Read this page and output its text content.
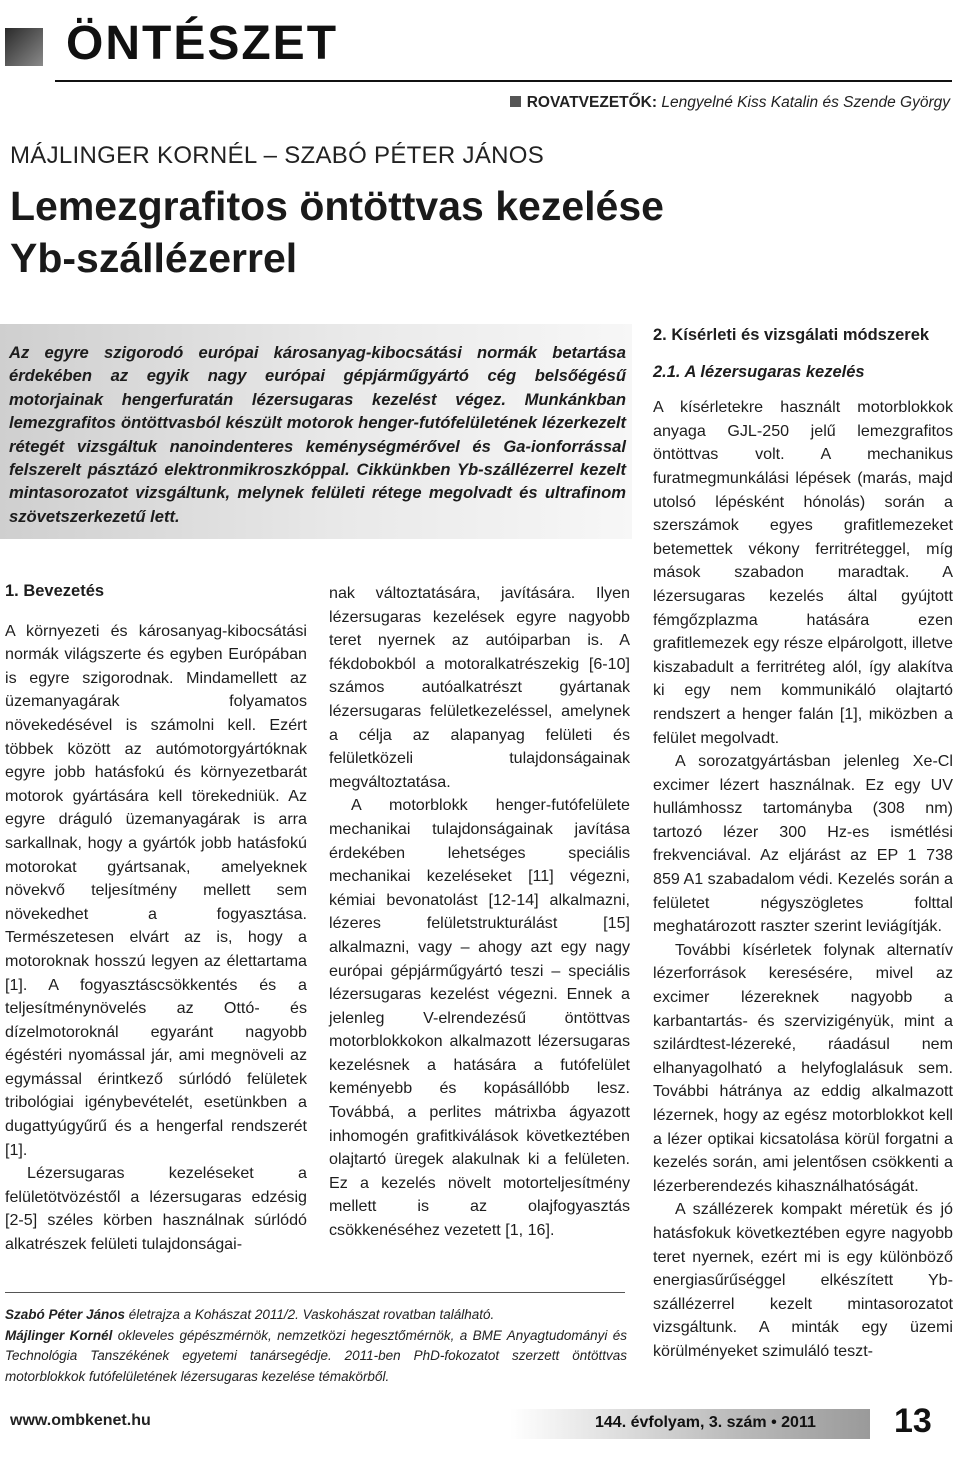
ÖNTÉSZET
ROVATVEZETŐK: Lengyelné Kiss Katalin és Szende György
MÁJLINGER KORNÉL – SZABÓ PÉTER JÁNOS
Lemezgrafitos öntöttvas kezelése
Yb-szállézerrel
Az egyre szigorodó európai károsanyag-kibocsátási normák betartása érdekében az egyik nagy európai gépjárműgyártó cég belsőégésű motorjainak hengerfuratán lézersugaras kezelést végez. Munkánkban lemezgrafitos öntöttvasból készült motorok henger-futófelületének lézerkezelt rétegét vizsgáltuk nanoindenteres keménységmérővel és Ga-ionforrással felszerelt pásztázó elektronmikroszkóppal. Cikkünkben Yb-szállézerrel kezelt mintasorozatot vizsgáltunk, melynek felületi rétege megolvadt és ultrafinom szövetszerkezetű lett.
1. Bevezetés

A környezeti és károsanyag-kibocsátási normák világszerte és egyben Európában is egyre szigorodnak. Mindamellett az üzemanyagárak folyamatos növekedésével is számolni kell. Ezért többek között az autómotorgyártóknak egyre jobb hatásfokú és környezetbarát motorok gyártására kell törekedniük. Az egyre dráguló üzemanyagárak is arra sarkallnak, hogy a gyártók jobb hatásfokú motorokat gyártsanak, amelyeknek növekvő teljesítmény mellett sem növekedhet a fogyasztása. Természetesen elvárt az is, hogy a motoroknak hosszú legyen az élettartama [1]. A fogyasztáscsökkentés és a teljesítménynövelés az Ottó- és dízelmotoroknál egyaránt nagyobb égéstéri nyomással jár, ami megnöveli az egymással érintkező súrlódó felületek tribológiai igénybevételét, esetünkben a dugattyúgyűrű és a hengerfal rendszerét [1].

Lézersugaras kezeléseket a felületötvözéstől a lézersugaras edzésig [2-5] széles körben használnak súrlódó alkatrészek felületi tulajdonságai-

nak változtatására, javítására. Ilyen lézersugaras kezelések egyre nagyobb teret nyernek az autóiparban is. A fékdobokból a motoralkatrészekig [6-10] számos autóalkatrészt gyártanak lézersugaras felületkezeléssel, amelynek a célja az alapanyag felületi és felületközeli tulajdonságainak megváltoztatása.

A motorblokk henger-futófelülete mechanikai tulajdonságainak javítása érdekében lehetséges speciális mechanikai kezeléseket [11] végezni, kémiai bevonatolást [12-14] alkalmazni, lézeres felületstrukturálást [15] alkalmazni, vagy – ahogy azt egy nagy európai gépjárműgyártó teszi – speciális lézersugaras kezelést végezni. Ennek a jelenleg V-elrendezésű öntöttvas motorblokkokon alkalmazott lézersugaras kezelésnek a hatására a futófelület keményebb és kopásállóbb lesz. Továbbá, a perlites mátrixba ágyazott inhomogén grafitkiválások következtében olajtartó üregek alakulnak ki a felületen. Ez a kezelés növelt motorteljesítmény mellett is az olajfogyasztás csökkenéséhez vezetett [1, 16].

2. Kísérleti és vizsgálati módszerek
2.1. A lézersugaras kezelés

A kísérletekre használt motorblokkok anyaga GJL-250 jelű lemezgrafitos öntöttvas volt. A mechanikus furatmegmunkálási lépések (marás, majd utolsó lépésként hónolás) során a szerszámok egyes grafitlemezeket betemettek vékony ferritréteggel, míg mások szabadon maradtak. A lézersugaras kezelés által gyújtott fémgőzplazma hatására ezen grafitlemezek egy része elpárolgott, illetve kiszabadult a ferritréteg alól, így alakítva ki egy nem kommunikáló olajtartó rendszert a henger falán [1], miközben a felület megolvadt.

A sorozatgyártásban jelenleg Xe-Cl excimer lézert használnak. Ez egy UV hullámhossz tartományba (308 nm) tartozó lézer 300 Hz-es ismétlési frekvenciával. Az eljárást az EP 1 738 859 A1 szabadalom védi. Kezelés során a felületet négyszögletes folttal meghatározott raszter szerint leviágítják.

További kísérletek folynak alternatív lézerforrások keresésére, mivel az excimer lézereknek nagyobb a karbantartás- és szervizigényük, mint a szilárdtest-lézereké, ráadásul nem elhanyagolható a helyfoglalásuk sem. További hátránya az eddig alkalmazott lézernek, hogy az egész motorblokkot kell a lézer optikai kicsatolása körül forgatni a kezelés során, ami jelentősen csökkenti a lézerberendezés kihasználhatóságát.

A szállézerek kompakt méretük és jó hatásfokuk következtében egyre nagyobb teret nyernek, ezért mi is egy különböző energiasűrűséggel elkészített Yb-szállézerrel kezelt mintasorozatot vizsgáltunk. A minták egy üzemi körülményeket szimuláló teszt-

Szabó Péter János életrajza a Kohászat 2011/2. Vaskohászat rovatban található.
Májlinger Kornél okleveles gépészmérnök, nemzetközi hegesztőmérnök, a BME Anyagtudományi és Technológia Tanszékének egyetemi tanársegédje. 2011-ben PhD-fokozatot szerzett öntöttvas motorblokkok futófelületének lézersugaras kezelése témakörből.
www.ombkenet.hu	144. évfolyam, 3. szám • 2011 13
